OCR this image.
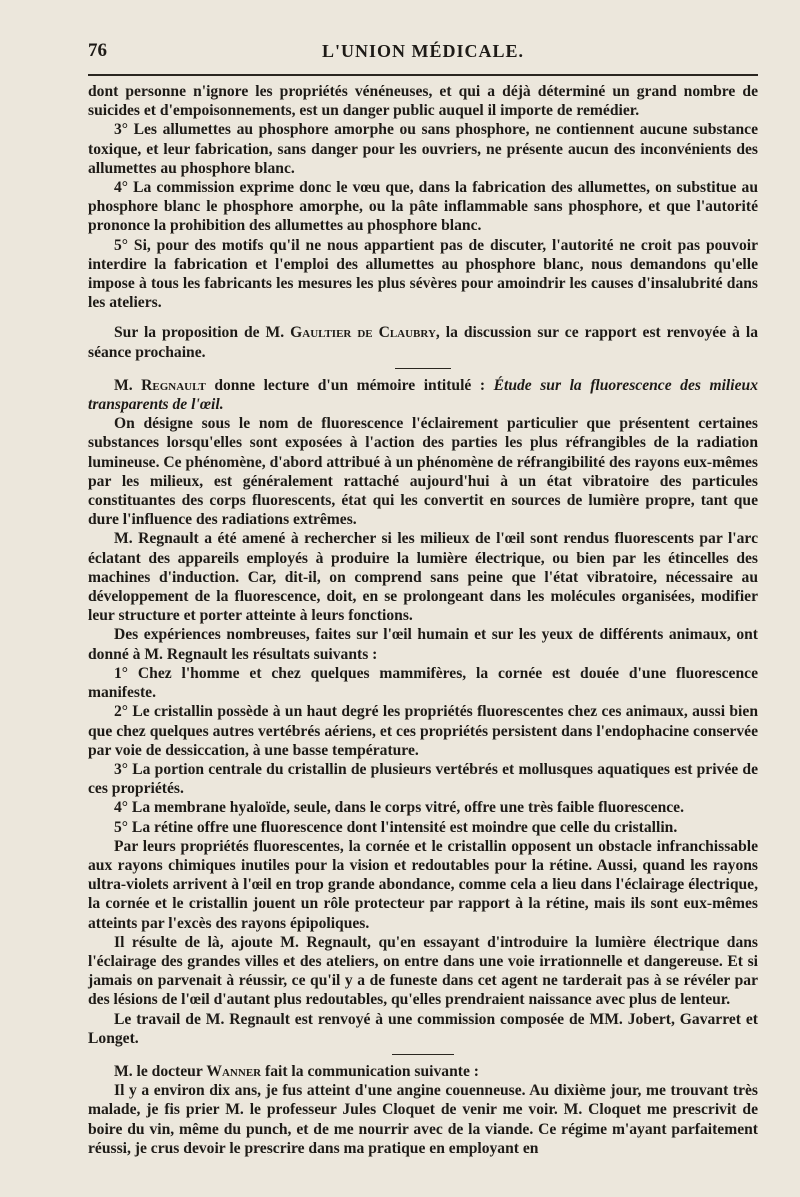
76	L'UNION MÉDICALE.

dont personne n'ignore les propriétés vénéneuses, et qui a déjà déterminé un grand nombre de suicides et d'empoisonnements, est un danger public auquel il importe de remédier.

3° Les allumettes au phosphore amorphe ou sans phosphore, ne contiennent aucune substance toxique, et leur fabrication, sans danger pour les ouvriers, ne présente aucun des inconvénients des allumettes au phosphore blanc.

4° La commission exprime donc le vœu que, dans la fabrication des allumettes, on substitue au phosphore blanc le phosphore amorphe, ou la pâte inflammable sans phosphore, et que l'autorité prononce la prohibition des allumettes au phosphore blanc.

5° Si, pour des motifs qu'il ne nous appartient pas de discuter, l'autorité ne croit pas pouvoir interdire la fabrication et l'emploi des allumettes au phosphore blanc, nous demandons qu'elle impose à tous les fabricants les mesures les plus sévères pour amoindrir les causes d'insalubrité dans les ateliers.

Sur la proposition de M. Gaultier de Claubry, la discussion sur ce rapport est renvoyée à la séance prochaine.

M. Regnault donne lecture d'un mémoire intitulé : Étude sur la fluorescence des milieux transparents de l'œil.

On désigne sous le nom de fluorescence l'éclairement particulier que présentent certaines substances lorsqu'elles sont exposées à l'action des parties les plus réfrangibles de la radiation lumineuse. Ce phénomène, d'abord attribué à un phénomène de réfrangibilité des rayons eux-mêmes par les milieux, est généralement rattaché aujourd'hui à un état vibratoire des particules constituantes des corps fluorescents, état qui les convertit en sources de lumière propre, tant que dure l'influence des radiations extrêmes.

M. Regnault a été amené à rechercher si les milieux de l'œil sont rendus fluorescents par l'arc éclatant des appareils employés à produire la lumière électrique, ou bien par les étincelles des machines d'induction. Car, dit-il, on comprend sans peine que l'état vibratoire, nécessaire au développement de la fluorescence, doit, en se prolongeant dans les molécules organisées, modifier leur structure et porter atteinte à leurs fonctions.

Des expériences nombreuses, faites sur l'œil humain et sur les yeux de différents animaux, ont donné à M. Regnault les résultats suivants :

1° Chez l'homme et chez quelques mammifères, la cornée est douée d'une fluorescence manifeste.

2° Le cristallin possède à un haut degré les propriétés fluorescentes chez ces animaux, aussi bien que chez quelques autres vertébrés aériens, et ces propriétés persistent dans l'endophacine conservée par voie de dessiccation, à une basse température.

3° La portion centrale du cristallin de plusieurs vertébrés et mollusques aquatiques est privée de ces propriétés.

4° La membrane hyaloïde, seule, dans le corps vitré, offre une très faible fluorescence.

5° La rétine offre une fluorescence dont l'intensité est moindre que celle du cristallin.

Par leurs propriétés fluorescentes, la cornée et le cristallin opposent un obstacle infranchissable aux rayons chimiques inutiles pour la vision et redoutables pour la rétine. Aussi, quand les rayons ultra-violets arrivent à l'œil en trop grande abondance, comme cela a lieu dans l'éclairage électrique, la cornée et le cristallin jouent un rôle protecteur par rapport à la rétine, mais ils sont eux-mêmes atteints par l'excès des rayons épipoliques.

Il résulte de là, ajoute M. Regnault, qu'en essayant d'introduire la lumière électrique dans l'éclairage des grandes villes et des ateliers, on entre dans une voie irrationnelle et dangereuse. Et si jamais on parvenait à réussir, ce qu'il y a de funeste dans cet agent ne tarderait pas à se révéler par des lésions de l'œil d'autant plus redoutables, qu'elles prendraient naissance avec plus de lenteur.

Le travail de M. Regnault est renvoyé à une commission composée de MM. Jobert, Gavarret et Longet.

M. le docteur Wanner fait la communication suivante :

Il y a environ dix ans, je fus atteint d'une angine couenneuse. Au dixième jour, me trouvant très malade, je fis prier M. le professeur Jules Cloquet de venir me voir. M. Cloquet me prescrivit de boire du vin, même du punch, et de me nourrir avec de la viande. Ce régime m'ayant parfaitement réussi, je crus devoir le prescrire dans ma pratique en employant en
